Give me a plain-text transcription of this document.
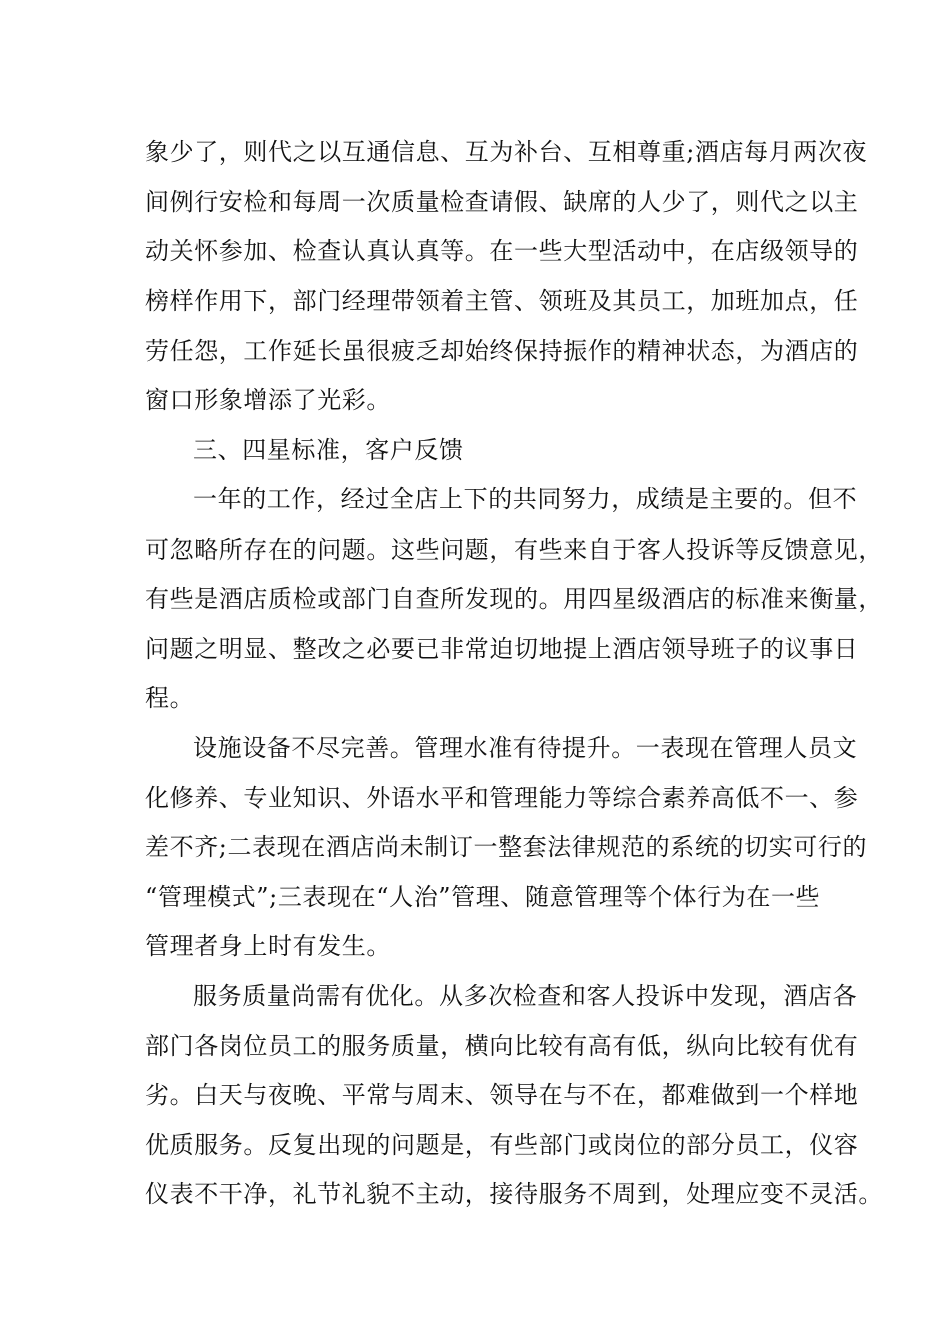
象少了，则代之以互通信息、互为补台、互相尊重;酒店每月两次夜
间例行安检和每周一次质量检查请假、缺席的人少了，则代之以主
动关怀参加、检查认真认真等。在一些大型活动中，在店级领导的
榜样作用下，部门经理带领着主管、领班及其员工，加班加点，任
劳任怨，工作延长虽很疲乏却始终保持振作的精神状态，为酒店的
窗口形象增添了光彩。
三、四星标准，客户反馈
一年的工作，经过全店上下的共同努力，成绩是主要的。但不
可忽略所存在的问题。这些问题，有些来自于客人投诉等反馈意见，
有些是酒店质检或部门自查所发现的。用四星级酒店的标准来衡量，
问题之明显、整改之必要已非常迫切地提上酒店领导班子的议事日
程。
设施设备不尽完善。管理水准有待提升。一表现在管理人员文
化修养、专业知识、外语水平和管理能力等综合素养高低不一、参
差不齐;二表现在酒店尚未制订一整套法律规范的系统的切实可行的
“管理模式”;三表现在“人治”管理、随意管理等个体行为在一些
管理者身上时有发生。
服务质量尚需有优化。从多次检查和客人投诉中发现，酒店各
部门各岗位员工的服务质量，横向比较有高有低，纵向比较有优有
劣。白天与夜晚、平常与周末、领导在与不在，都难做到一个样地
优质服务。反复出现的问题是，有些部门或岗位的部分员工，仪容
仪表不干净，礼节礼貌不主动，接待服务不周到，处理应变不灵活。
